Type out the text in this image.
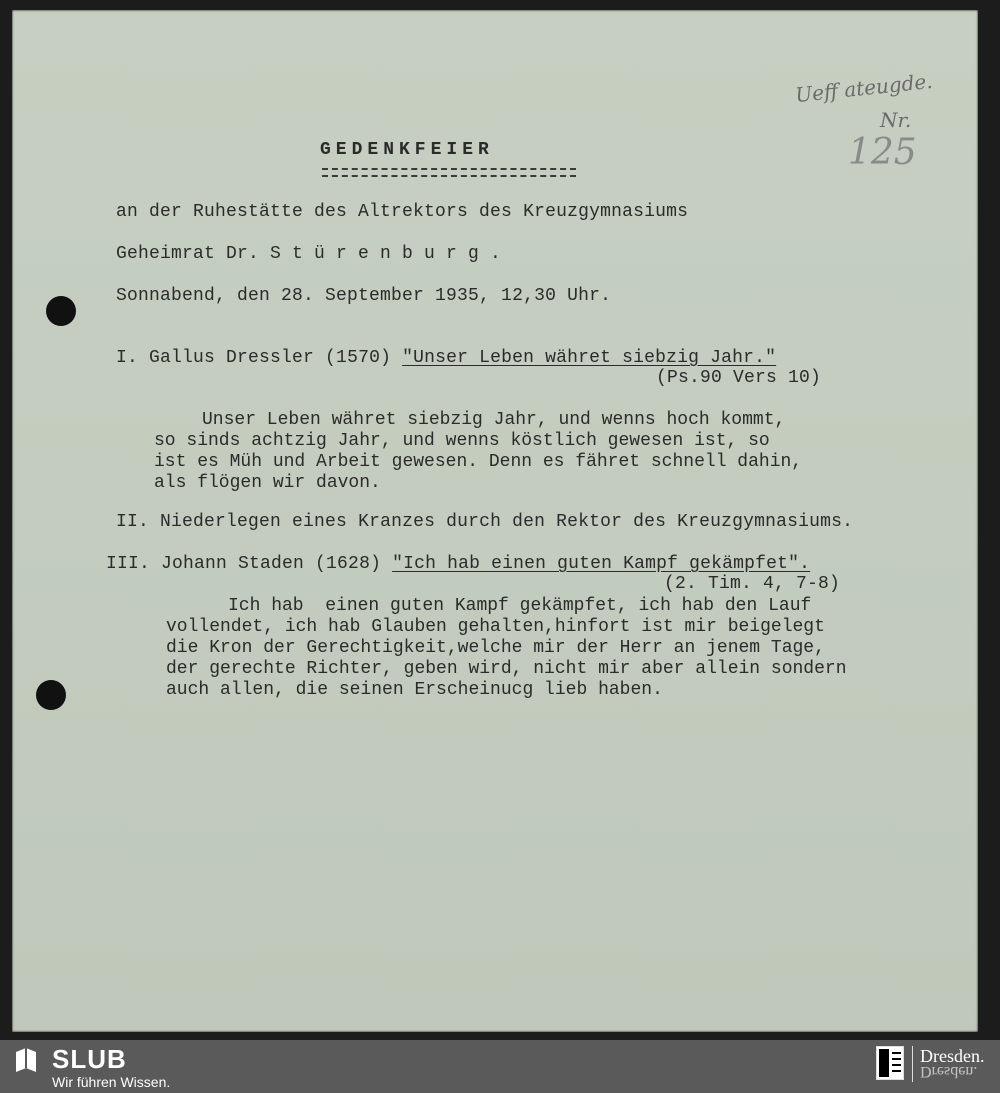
Ueff ateugde.
Nr.
125
GEDENKFEIER
an der Ruhestätte des Altrektors des Kreuzgymnasiums
Geheimrat Dr. S t ü r e n b u r g .
Sonnabend, den 28. September 1935, 12,30 Uhr.
I. Gallus Dressler (1570) "Unser Leben währet siebzig Jahr."
(Ps.90 Vers 10)
Unser Leben währet siebzig Jahr, und wenns hoch kommt,
so sinds achtzig Jahr, und wenns köstlich gewesen ist, so
ist es Müh und Arbeit gewesen. Denn es fähret schnell dahin,
als flögen wir davon.
II. Niederlegen eines Kranzes durch den Rektor des Kreuzgymnasiums.
III. Johann Staden (1628) "Ich hab einen guten Kampf gekämpfet".
(2. Tim. 4, 7-8)
Ich hab  einen guten Kampf gekämpfet, ich hab den Lauf
vollendet, ich hab Glauben gehalten,hinfort ist mir beigelegt
die Kron der Gerechtigkeit,welche mir der Herr an jenem Tage,
der gerechte Richter, geben wird, nicht mir aber allein sondern
auch allen, die seinen Erscheinucg lieb haben.
SLUB
Wir führen Wissen.
Dresden.
Dresden.
